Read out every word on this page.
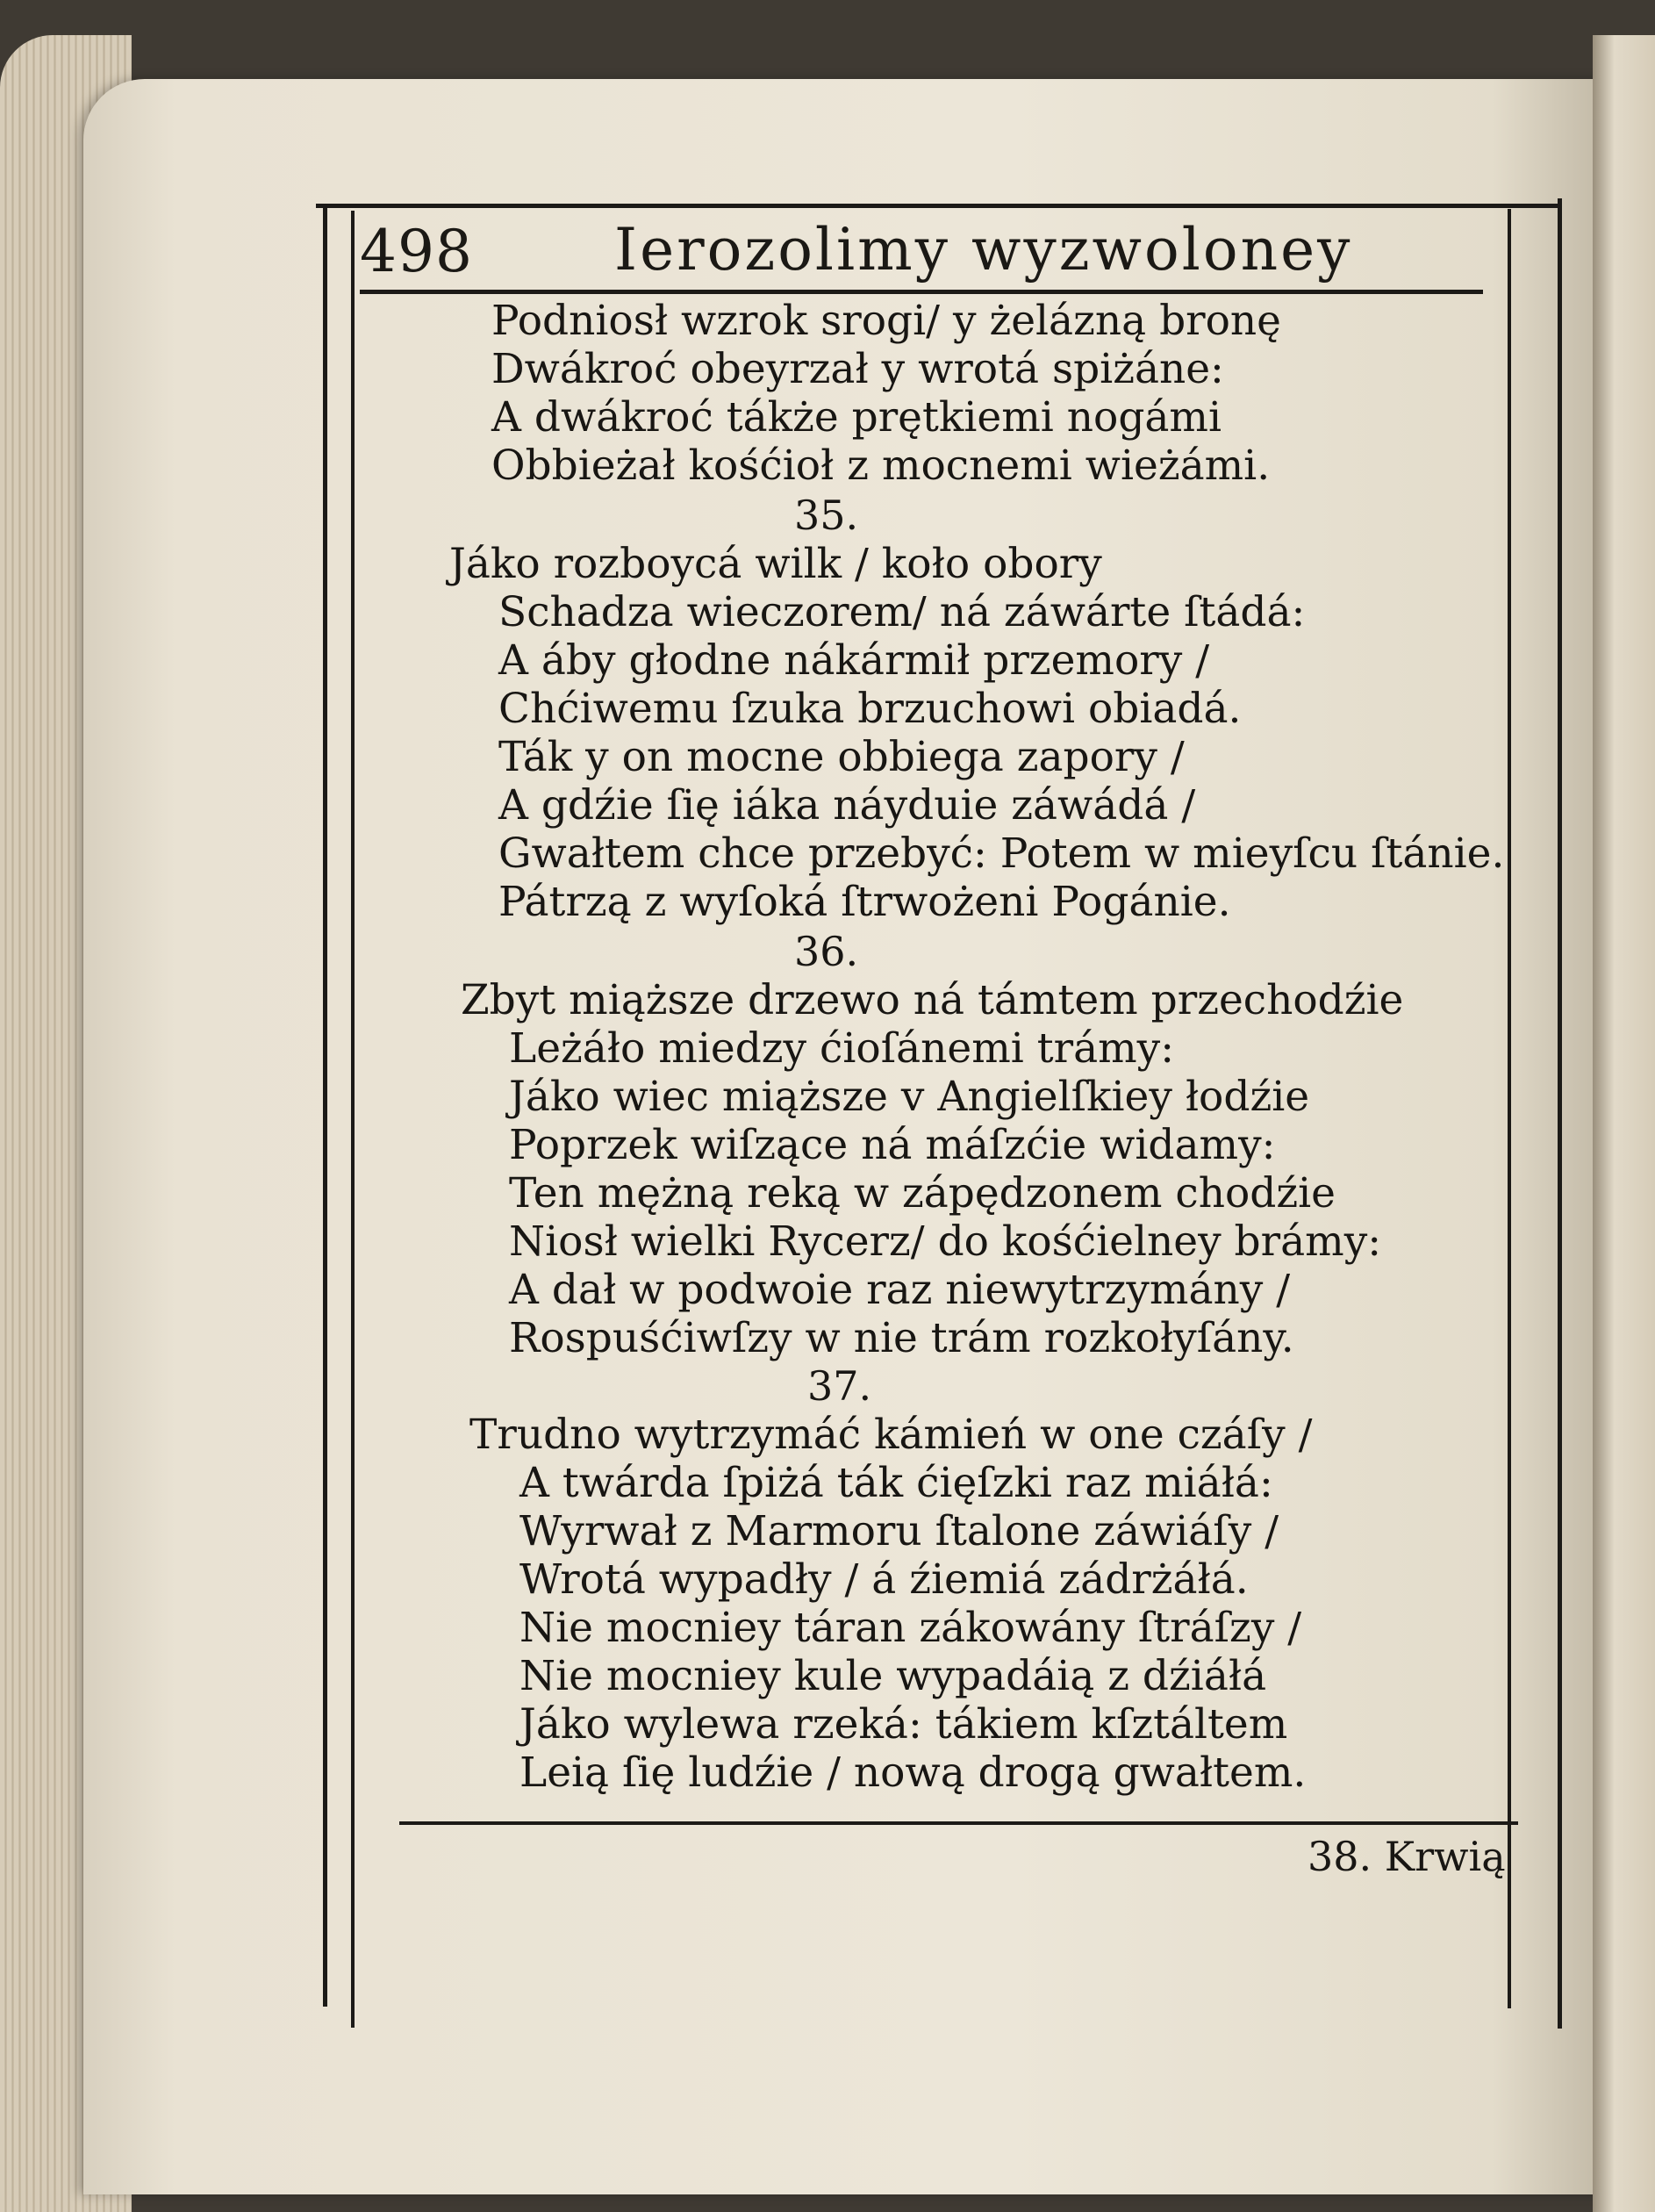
498 Ierozolimy wyzwoloney
Podniosł wzrok srogi/ y żelázną bronę
Dwákroć obeyrzał y wrotá spiżáne:
A dwákroć tákże prętkiemi nogámi
Obbieżał kośćioł z mocnemi wieżámi.
35.
Jáko rozboycá wilk / koło obory
Schadza wieczorem/ ná záwárte ſtádá:
A áby głodne nákármił przemory /
Chćiwemu ſzuka brzuchowi obiadá.
Ták y on mocne obbiega zapory /
A gdźie ſię iáka náyduie záwádá /
Gwałtem chce przebyć: Potem w mieyſcu ſtánie.
Pátrzą z wyſoká ſtrwożeni Pogánie.
36.
Zbyt miąższe drzewo ná támtem przechodźie
Leżáło miedzy ćioſánemi trámy:
Jáko wiec miąższe v Angielſkiey łodźie
Poprzek wiſzące ná máſzćie widamy:
Ten mężną reką w zápędzonem chodźie
Niosł wielki Rycerz/ do kośćielney brámy:
A dał w podwoie raz niewytrzymány /
Rospuśćiwſzy w nie trám rozkołyſány.
37.
Trudno wytrzymáć kámień w one czáſy /
A twárda ſpiżá ták ćięſzki raz miáłá:
Wyrwał z Marmoru ſtalone záwiáſy /
Wrotá wypadły / á źiemiá zádrżáłá.
Nie mocniey táran zákowány ſtráſzy /
Nie mocniey kule wypadáią z dźiáłá
Jáko wylewa rzeká: tákiem kſztáltem
Leią ſię ludźie / nową drogą gwałtem.
38. Krwią
